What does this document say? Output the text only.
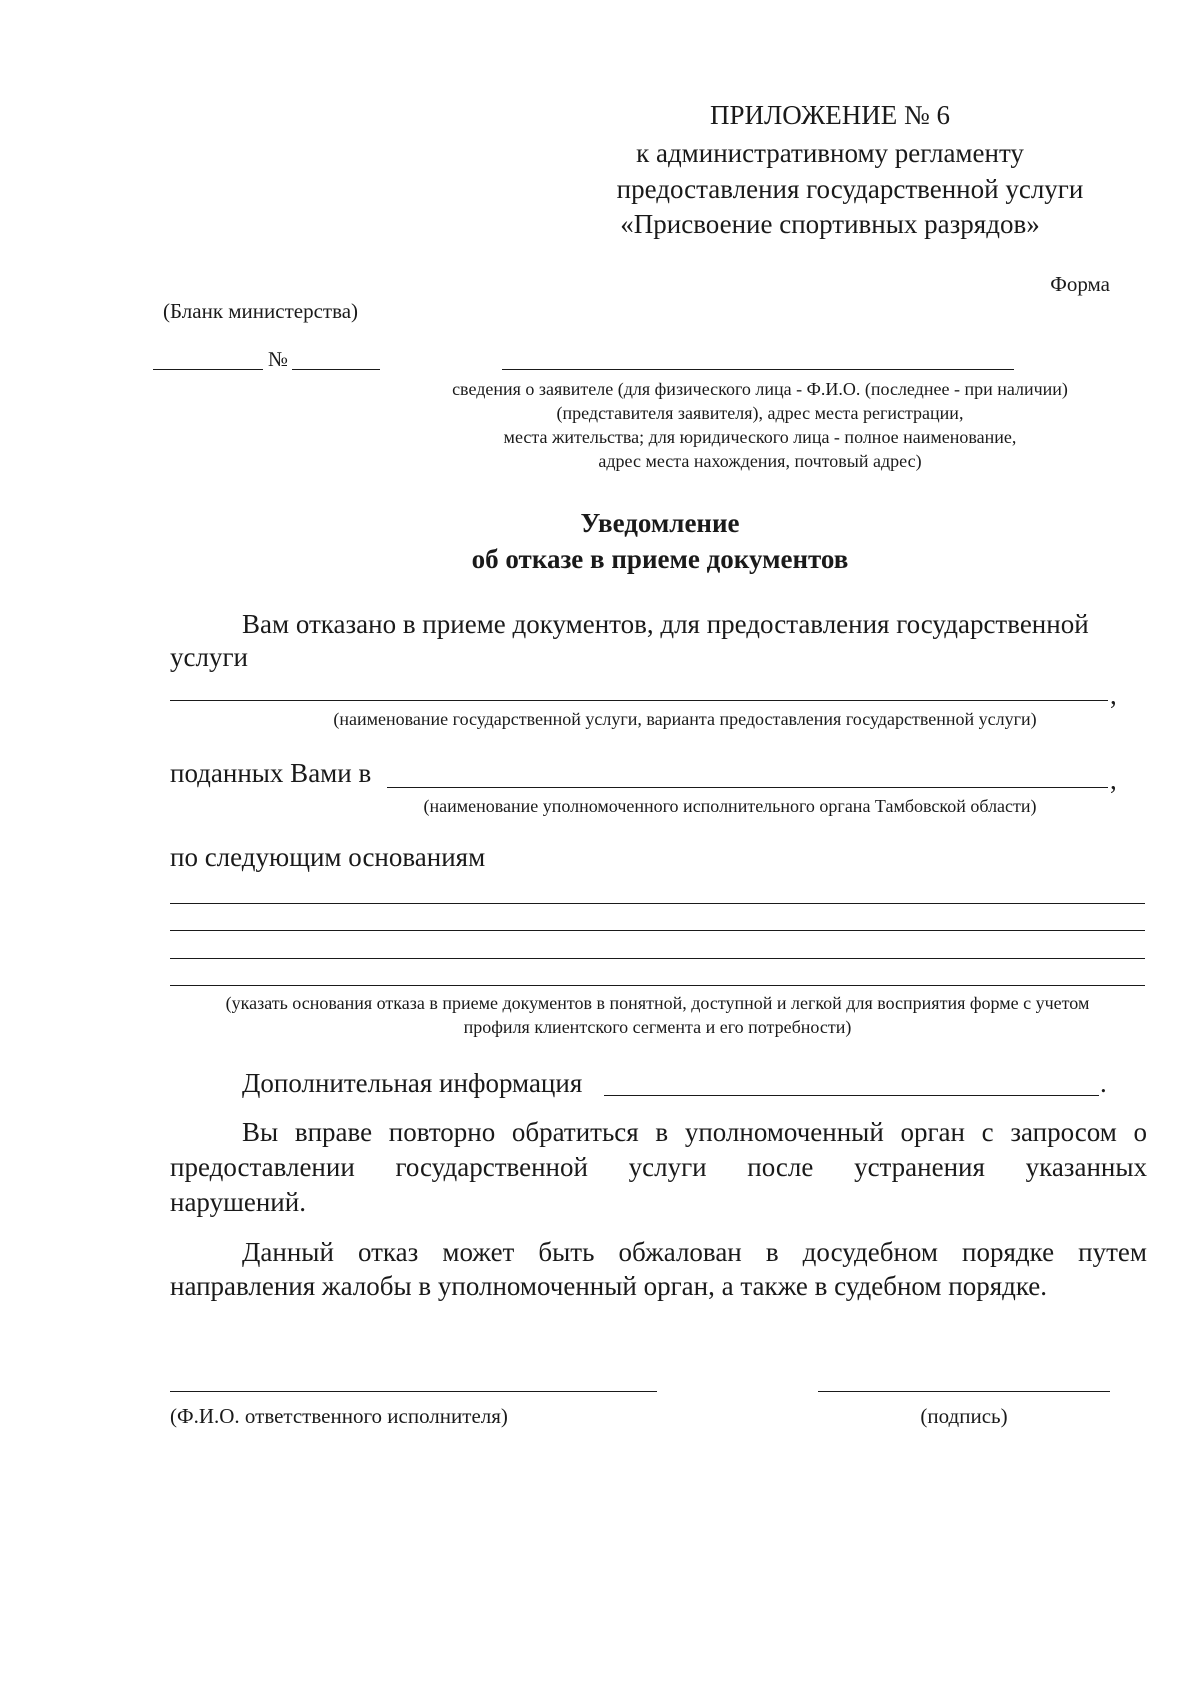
ПРИЛОЖЕНИЕ № 6
к административному регламенту
предоставления государственной услуги
«Присвоение спортивных разрядов»
Форма
(Бланк министерства)
№
сведения о заявителе (для физического лица - Ф.И.О. (последнее - при наличии)
(представителя заявителя), адрес места регистрации,
места жительства; для юридического лица - полное наименование,
адрес места нахождения, почтовый адрес)
Уведомление
об отказе в приеме документов
Вам отказано в приеме документов, для предоставления государственной
услуги
,
(наименование государственной услуги, варианта предоставления государственной услуги)
поданных Вами в	,
(наименование уполномоченного исполнительного органа Тамбовской области)
по следующим основаниям
(указать основания отказа в приеме документов в понятной, доступной и легкой для восприятия форме с учетом
профиля клиентского сегмента и его потребности)
Дополнительная информация	.
Вы вправе повторно обратиться в уполномоченный орган с запросом о
предоставлении государственной услуги после устранения указанных
нарушений.
Данный отказ может быть обжалован в досудебном порядке путем
направления жалобы в уполномоченный орган, а также в судебном порядке.
(Ф.И.О. ответственного исполнителя)	(подпись)
